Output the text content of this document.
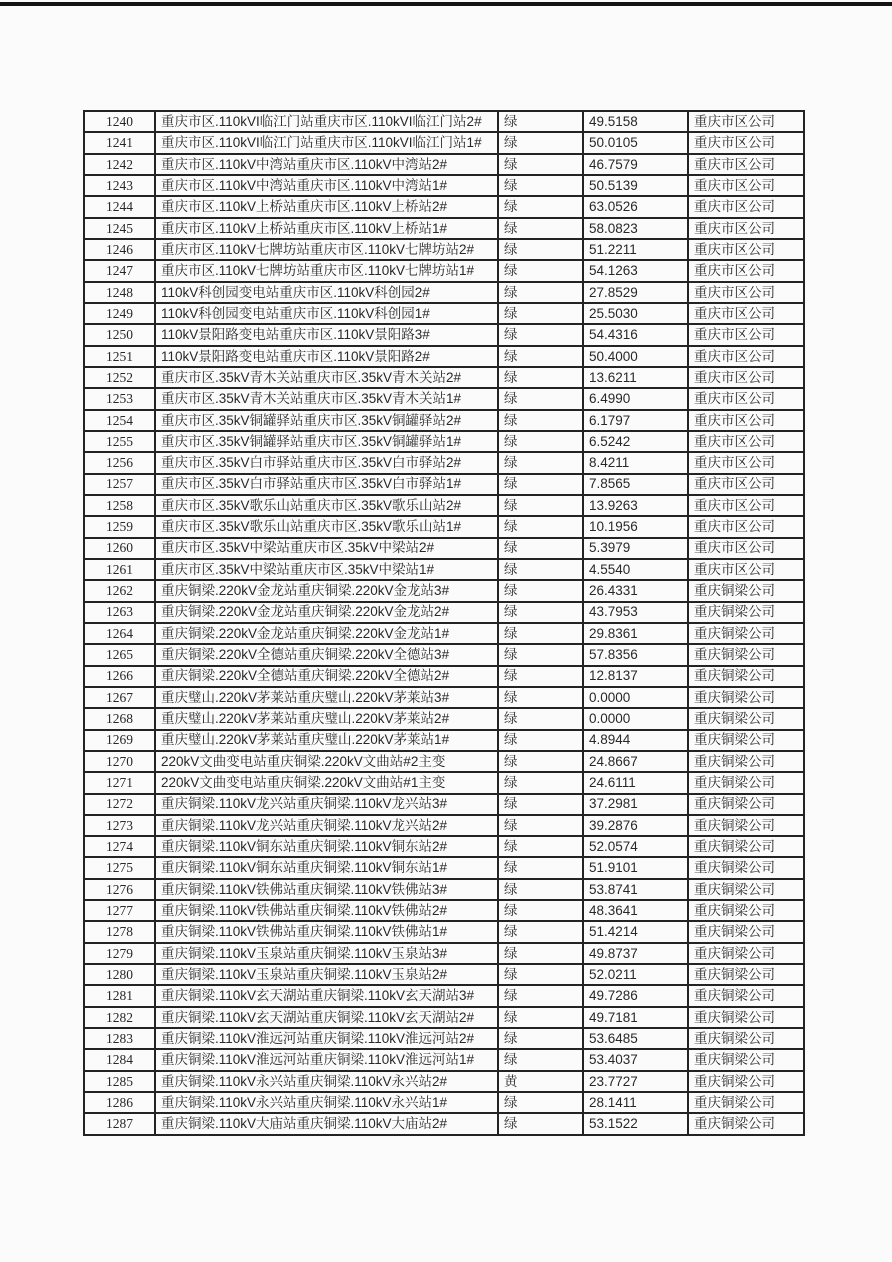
1240	重庆市区.110kVI临江门站重庆市区.110kVI临江门站2#	绿	49.5158	重庆市区公司
1241	重庆市区.110kVI临江门站重庆市区.110kVI临江门站1#	绿	50.0105	重庆市区公司
1242	重庆市区.110kV中湾站重庆市区.110kV中湾站2#	绿	46.7579	重庆市区公司
1243	重庆市区.110kV中湾站重庆市区.110kV中湾站1#	绿	50.5139	重庆市区公司
1244	重庆市区.110kV上桥站重庆市区.110kV上桥站2#	绿	63.0526	重庆市区公司
1245	重庆市区.110kV上桥站重庆市区.110kV上桥站1#	绿	58.0823	重庆市区公司
1246	重庆市区.110kV七牌坊站重庆市区.110kV七牌坊站2#	绿	51.2211	重庆市区公司
1247	重庆市区.110kV七牌坊站重庆市区.110kV七牌坊站1#	绿	54.1263	重庆市区公司
1248	110kV科创园变电站重庆市区.110kV科创园2#	绿	27.8529	重庆市区公司
1249	110kV科创园变电站重庆市区.110kV科创园1#	绿	25.5030	重庆市区公司
1250	110kV景阳路变电站重庆市区.110kV景阳路3#	绿	54.4316	重庆市区公司
1251	110kV景阳路变电站重庆市区.110kV景阳路2#	绿	50.4000	重庆市区公司
1252	重庆市区.35kV青木关站重庆市区.35kV青木关站2#	绿	13.6211	重庆市区公司
1253	重庆市区.35kV青木关站重庆市区.35kV青木关站1#	绿	6.4990	重庆市区公司
1254	重庆市区.35kV铜罐驿站重庆市区.35kV铜罐驿站2#	绿	6.1797	重庆市区公司
1255	重庆市区.35kV铜罐驿站重庆市区.35kV铜罐驿站1#	绿	6.5242	重庆市区公司
1256	重庆市区.35kV白市驿站重庆市区.35kV白市驿站2#	绿	8.4211	重庆市区公司
1257	重庆市区.35kV白市驿站重庆市区.35kV白市驿站1#	绿	7.8565	重庆市区公司
1258	重庆市区.35kV歌乐山站重庆市区.35kV歌乐山站2#	绿	13.9263	重庆市区公司
1259	重庆市区.35kV歌乐山站重庆市区.35kV歌乐山站1#	绿	10.1956	重庆市区公司
1260	重庆市区.35kV中梁站重庆市区.35kV中梁站2#	绿	5.3979	重庆市区公司
1261	重庆市区.35kV中梁站重庆市区.35kV中梁站1#	绿	4.5540	重庆市区公司
1262	重庆铜梁.220kV金龙站重庆铜梁.220kV金龙站3#	绿	26.4331	重庆铜梁公司
1263	重庆铜梁.220kV金龙站重庆铜梁.220kV金龙站2#	绿	43.7953	重庆铜梁公司
1264	重庆铜梁.220kV金龙站重庆铜梁.220kV金龙站1#	绿	29.8361	重庆铜梁公司
1265	重庆铜梁.220kV全德站重庆铜梁.220kV全德站3#	绿	57.8356	重庆铜梁公司
1266	重庆铜梁.220kV全德站重庆铜梁.220kV全德站2#	绿	12.8137	重庆铜梁公司
1267	重庆璧山.220kV茅莱站重庆璧山.220kV茅莱站3#	绿	0.0000	重庆铜梁公司
1268	重庆璧山.220kV茅莱站重庆璧山.220kV茅莱站2#	绿	0.0000	重庆铜梁公司
1269	重庆璧山.220kV茅莱站重庆璧山.220kV茅莱站1#	绿	4.8944	重庆铜梁公司
1270	220kV文曲变电站重庆铜梁.220kV文曲站#2主变	绿	24.8667	重庆铜梁公司
1271	220kV文曲变电站重庆铜梁.220kV文曲站#1主变	绿	24.6111	重庆铜梁公司
1272	重庆铜梁.110kV龙兴站重庆铜梁.110kV龙兴站3#	绿	37.2981	重庆铜梁公司
1273	重庆铜梁.110kV龙兴站重庆铜梁.110kV龙兴站2#	绿	39.2876	重庆铜梁公司
1274	重庆铜梁.110kV铜东站重庆铜梁.110kV铜东站2#	绿	52.0574	重庆铜梁公司
1275	重庆铜梁.110kV铜东站重庆铜梁.110kV铜东站1#	绿	51.9101	重庆铜梁公司
1276	重庆铜梁.110kV铁佛站重庆铜梁.110kV铁佛站3#	绿	53.8741	重庆铜梁公司
1277	重庆铜梁.110kV铁佛站重庆铜梁.110kV铁佛站2#	绿	48.3641	重庆铜梁公司
1278	重庆铜梁.110kV铁佛站重庆铜梁.110kV铁佛站1#	绿	51.4214	重庆铜梁公司
1279	重庆铜梁.110kV玉泉站重庆铜梁.110kV玉泉站3#	绿	49.8737	重庆铜梁公司
1280	重庆铜梁.110kV玉泉站重庆铜梁.110kV玉泉站2#	绿	52.0211	重庆铜梁公司
1281	重庆铜梁.110kV玄天湖站重庆铜梁.110kV玄天湖站3#	绿	49.7286	重庆铜梁公司
1282	重庆铜梁.110kV玄天湖站重庆铜梁.110kV玄天湖站2#	绿	49.7181	重庆铜梁公司
1283	重庆铜梁.110kV淮远河站重庆铜梁.110kV淮远河站2#	绿	53.6485	重庆铜梁公司
1284	重庆铜梁.110kV淮远河站重庆铜梁.110kV淮远河站1#	绿	53.4037	重庆铜梁公司
1285	重庆铜梁.110kV永兴站重庆铜梁.110kV永兴站2#	黄	23.7727	重庆铜梁公司
1286	重庆铜梁.110kV永兴站重庆铜梁.110kV永兴站1#	绿	28.1411	重庆铜梁公司
1287	重庆铜梁.110kV大庙站重庆铜梁.110kV大庙站2#	绿	53.1522	重庆铜梁公司
